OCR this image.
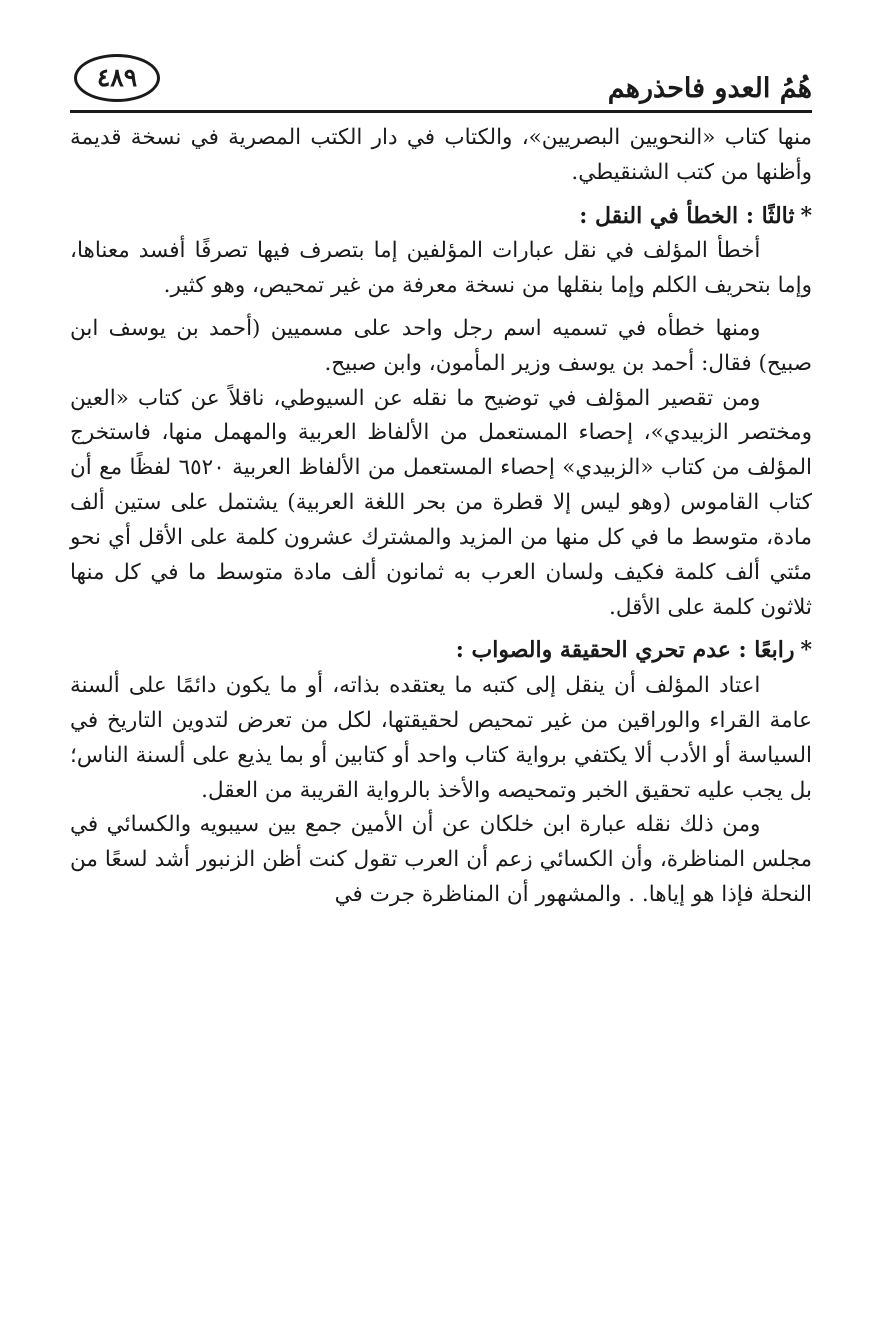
هُمُ العدو فاحذرهم
٤٨٩

منها كتاب «النحويين البصريين»، والكتاب في دار الكتب المصرية في نسخة قديمة وأظنها من كتب الشنقيطي.

*ثالثًا : الخطأ في النقل :

أخطأ المؤلف في نقل عبارات المؤلفين إما بتصرف فيها تصرفًا أفسد معناها، وإما بتحريف الكلم وإما بنقلها من نسخة معرفة من غير تمحيص، وهو كثير.

ومنها خطأه في تسميه اسم رجل واحد على مسميين (أحمد بن يوسف ابن صبيح) فقال: أحمد بن يوسف وزير المأمون، وابن صبيح.

ومن تقصير المؤلف في توضيح ما نقله عن السيوطي، ناقلاً عن كتاب «العين ومختصر الزبيدي»، إحصاء المستعمل من الألفاظ العربية والمهمل منها، فاستخرج المؤلف من كتاب «الزبيدي» إحصاء المستعمل من الألفاظ العربية ٦٥٢٠ لفظًا مع أن كتاب القاموس (وهو ليس إلا قطرة من بحر اللغة العربية) يشتمل على ستين ألف مادة، متوسط ما في كل منها من المزيد والمشترك عشرون كلمة على الأقل أي نحو مئتي ألف كلمة فكيف ولسان العرب به ثمانون ألف مادة متوسط ما في كل منها ثلاثون كلمة على الأقل.

*رابعًا : عدم تحري الحقيقة والصواب :

اعتاد المؤلف أن ينقل إلى كتبه ما يعتقده بذاته، أو ما يكون دائمًا على ألسنة عامة القراء والوراقين من غير تمحيص لحقيقتها، لكل من تعرض لتدوين التاريخ في السياسة أو الأدب ألا يكتفي برواية كتاب واحد أو كتابين أو بما يذيع على ألسنة الناس؛ بل يجب عليه تحقيق الخبر وتمحيصه والأخذ بالرواية القريبة من العقل.

ومن ذلك نقله عبارة ابن خلكان عن أن الأمين جمع بين سيبويه والكسائي في مجلس المناظرة، وأن الكسائي زعم أن العرب تقول كنت أظن الزنبور أشد لسعًا من النحلة فإذا هو إياها. . والمشهور أن المناظرة جرت في
